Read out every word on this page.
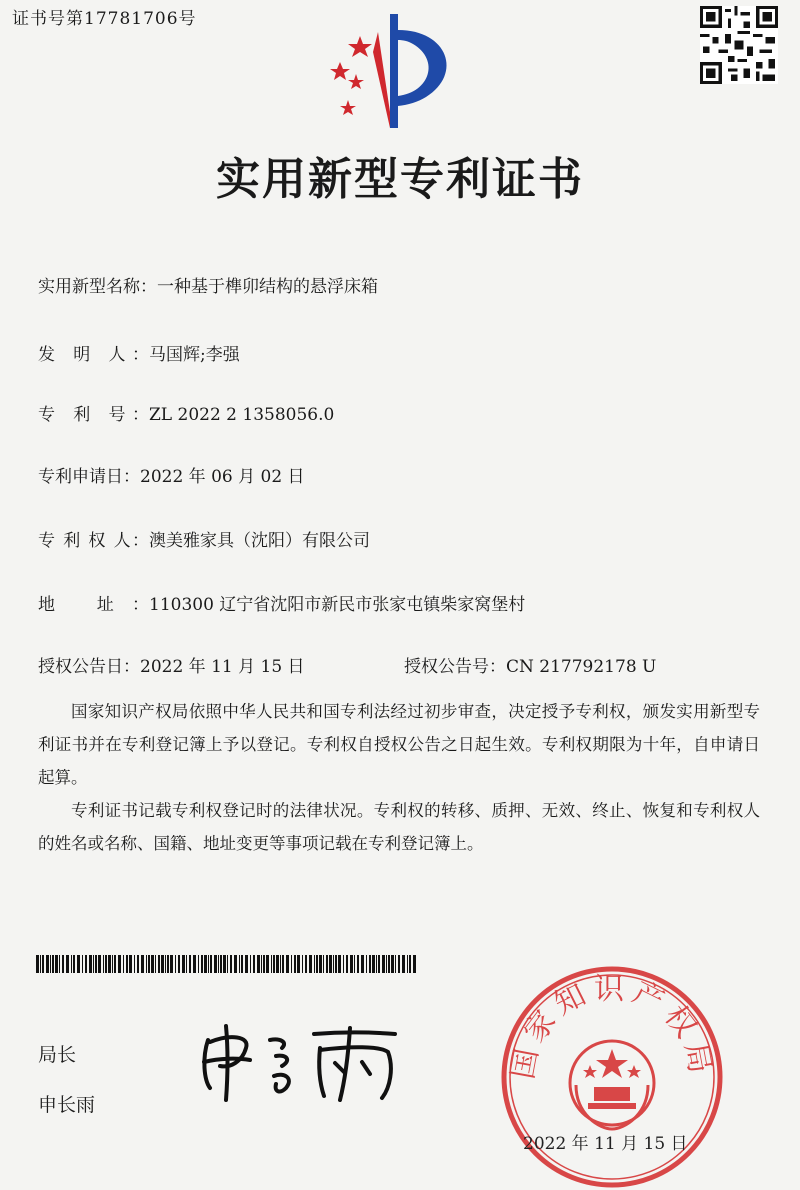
证书号第17781706号
实用新型专利证书
实用新型名称：一种基于榫卯结构的悬浮床箱
发 明 人：马国辉;李强
专 利 号：ZL 2022 2 1358056.0
专利申请日：2022 年 06 月 02 日
专 利 权 人：澳美雅家具（沈阳）有限公司
地 址：110300 辽宁省沈阳市新民市张家屯镇柴家窝堡村
授权公告日：2022 年 11 月 15 日	授权公告号：CN 217792178 U
国家知识产权局依照中华人民共和国专利法经过初步审查，决定授予专利权，颁发实用新型专利证书并在专利登记簿上予以登记。专利权自授权公告之日起生效。专利权期限为十年，自申请日起算。
专利证书记载专利权登记时的法律状况。专利权的转移、质押、无效、终止、恢复和专利权人的姓名或名称、国籍、地址变更等事项记载在专利登记簿上。
局长
申长雨
国家知识产权局
2022 年 11 月 15 日
